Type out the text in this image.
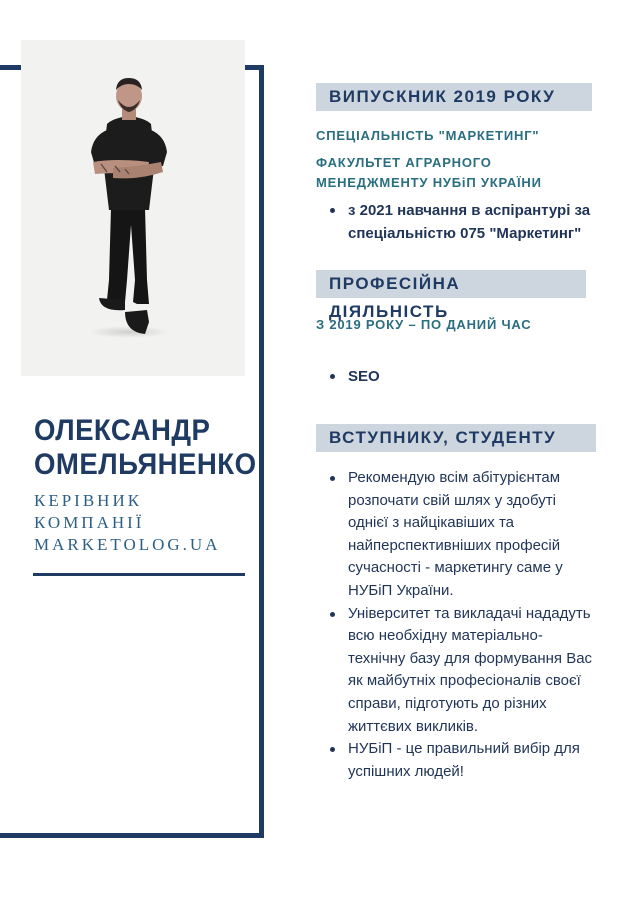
ОЛЕКСАНДР
ОМЕЛЬЯНЕНКО
КЕРІВНИК
КОМПАНІЇ
MARKETOLOG.UA
ВИПУСКНИК 2019 РОКУ
СПЕЦІАЛЬНІСТЬ "МАРКЕТИНГ"
ФАКУЛЬТЕТ АГРАРНОГО
МЕНЕДЖМЕНТУ НУБіП УКРАЇНИ
з 2021 навчання в аспірантурі за спеціальністю 075 "Маркетинг"
ПРОФЕСІЙНА ДІЯЛЬНІСТЬ
З 2019 РОКУ – ПО ДАНИЙ ЧАС
SEO
ВСТУПНИКУ, СТУДЕНТУ
Рекомендую всім абітурієнтам розпочати свій шлях у здобуті однієї з найцікавіших та найперспективніших професій сучасності - маркетингу саме у НУБіП України.
Університет та викладачі нададуть всю необхідну матеріально-технічну базу для формування Вас як майбутніх професіоналів своєї справи, підготують до різних життєвих викликів.
НУБіП - це правильний вибір для успішних людей!
